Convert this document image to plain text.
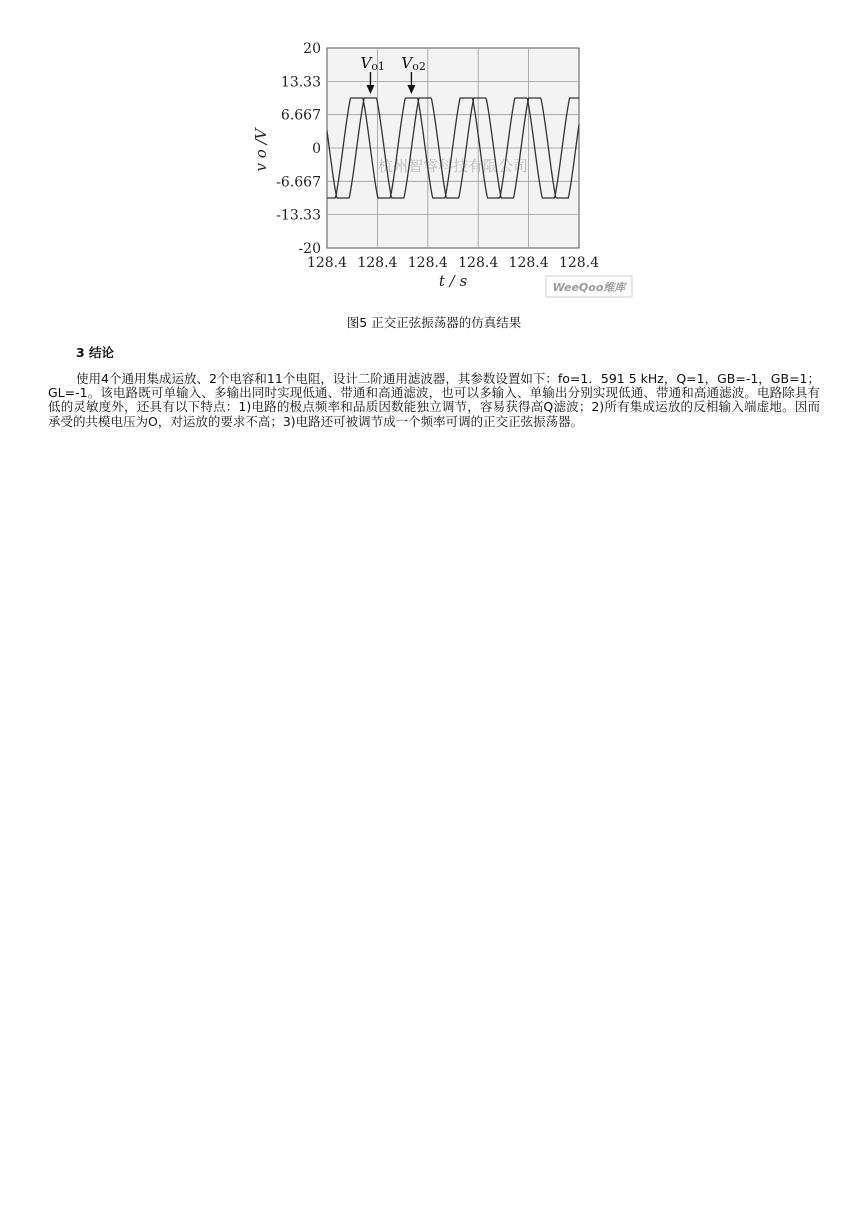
20
13.33
6.667
0
-6.667
-13.33
-20
128.4 128.4 128.4 128.4 128.4 128.4
杭州智睿科技有限公司
Vo2
Vo1
v o /V
t / s	WeeQoo维库
图5 正交正弦振荡器的仿真结果
3 结论

使用4个通用集成运放、2个电容和11个电阻，设计二阶通用滤波器，其参数设置如下：fo=1．591 5 kHz，Q=1，GB=-1，GB=1；GL=-1。该电路既可单输入、多输出同时实现低通、带通和高通滤波，也可以多输入、单输出分别实现低通、带通和高通滤波。电路除具有低的灵敏度外，还具有以下特点：1)电路的极点频率和品质因数能独立调节，容易获得高Q滤波；2)所有集成运放的反相输入端虚地。因而承受的共模电压为O，对运放的要求不高；3)电路还可被调节成一个频率可调的正交正弦振荡器。
